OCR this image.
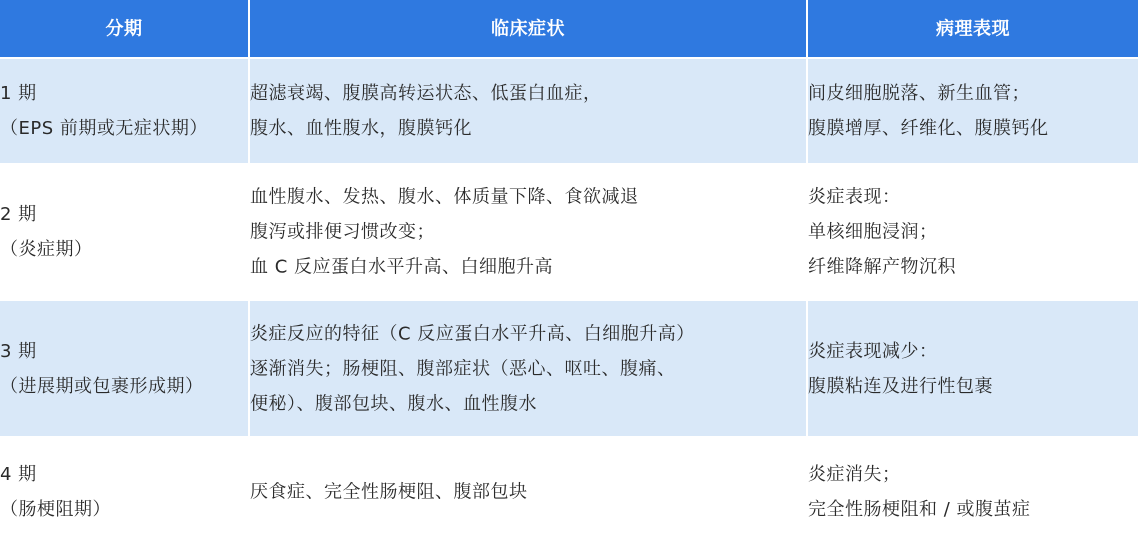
分期	临床症状	病理表现
1 期
（EPS 前期或无症状期）
超滤衰竭、腹膜高转运状态、低蛋白血症，
腹水、血性腹水，腹膜钙化
间皮细胞脱落、新生血管；
腹膜增厚、纤维化、腹膜钙化
2 期
（炎症期）
血性腹水、发热、腹水、体质量下降、食欲减退
腹泻或排便习惯改变；
血 C 反应蛋白水平升高、白细胞升高
炎症表现：
单核细胞浸润；
纤维降解产物沉积
3 期
（进展期或包裹形成期）
炎症反应的特征（C 反应蛋白水平升高、白细胞升高）
逐渐消失；肠梗阻、腹部症状（恶心、呕吐、腹痛、
便秘）、腹部包块、腹水、血性腹水
炎症表现减少：
腹膜粘连及进行性包裹
4 期
（肠梗阻期）
厌食症、完全性肠梗阻、腹部包块
炎症消失；
完全性肠梗阻和 / 或腹茧症
